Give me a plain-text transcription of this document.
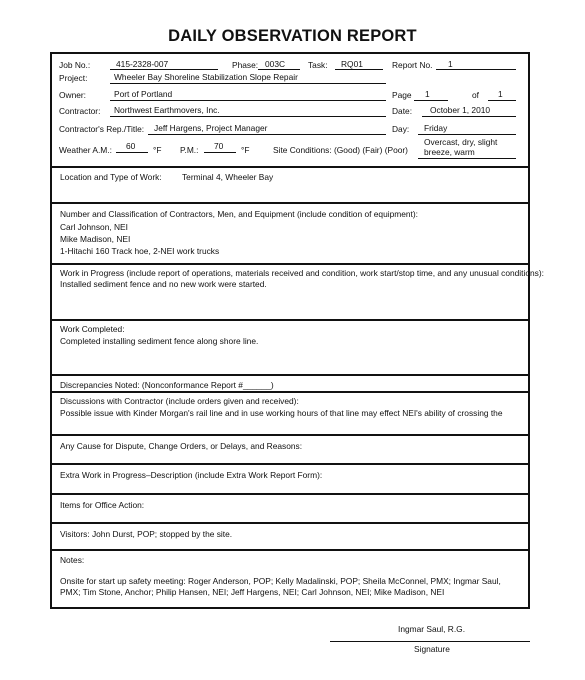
DAILY OBSERVATION REPORT
Job No.:	415-2328-007	Phase: 003C	Task: RQ01	Report No. 1
Project:	Wheeler Bay Shoreline Stabilization Slope Repair
Owner:	Port of Portland	Page 1	of 1
Contractor: Northwest Earthmovers, Inc.	Date: October 1, 2010
Contractor's Rep./Title: Jeff Hargens, Project Manager	Day: Friday
Weather A.M.: 60 °F P.M.: 70 °F	Site Conditions: (Good) (Fair) (Poor)
Overcast, dry, slight
breeze, warm
Location and Type of Work: Terminal 4, Wheeler Bay
Number and Classification of Contractors, Men, and Equipment (include condition of equipment):
Carl Johnson, NEI
Mike Madison, NEI
1-Hitachi 160 Track hoe, 2-NEI work trucks
Work in Progress (include report of operations, materials received and condition, work start/stop time, and any unusual conditions):
Installed sediment fence and no new work were started.
Work Completed:
Completed installing sediment fence along shore line.
Discrepancies Noted: (Nonconformance Report #______)
Discussions with Contractor (include orders given and received):
Possible issue with Kinder Morgan's rail line and in use working hours of that line may effect NEI's ability of crossing the
Any Cause for Dispute, Change Orders, or Delays, and Reasons:
Extra Work in Progress–Description (include Extra Work Report Form):
Items for Office Action:
Visitors: John Durst, POP; stopped by the site.
Notes:
Onsite for start up safety meeting: Roger Anderson, POP; Kelly Madalinski, POP; Sheila McConnel, PMX; Ingmar Saul, PMX; Tim Stone, Anchor; Philip Hansen, NEI; Jeff Hargens, NEI; Carl Johnson, NEI; Mike Madison, NEI
Ingmar Saul, R.G.
Signature
